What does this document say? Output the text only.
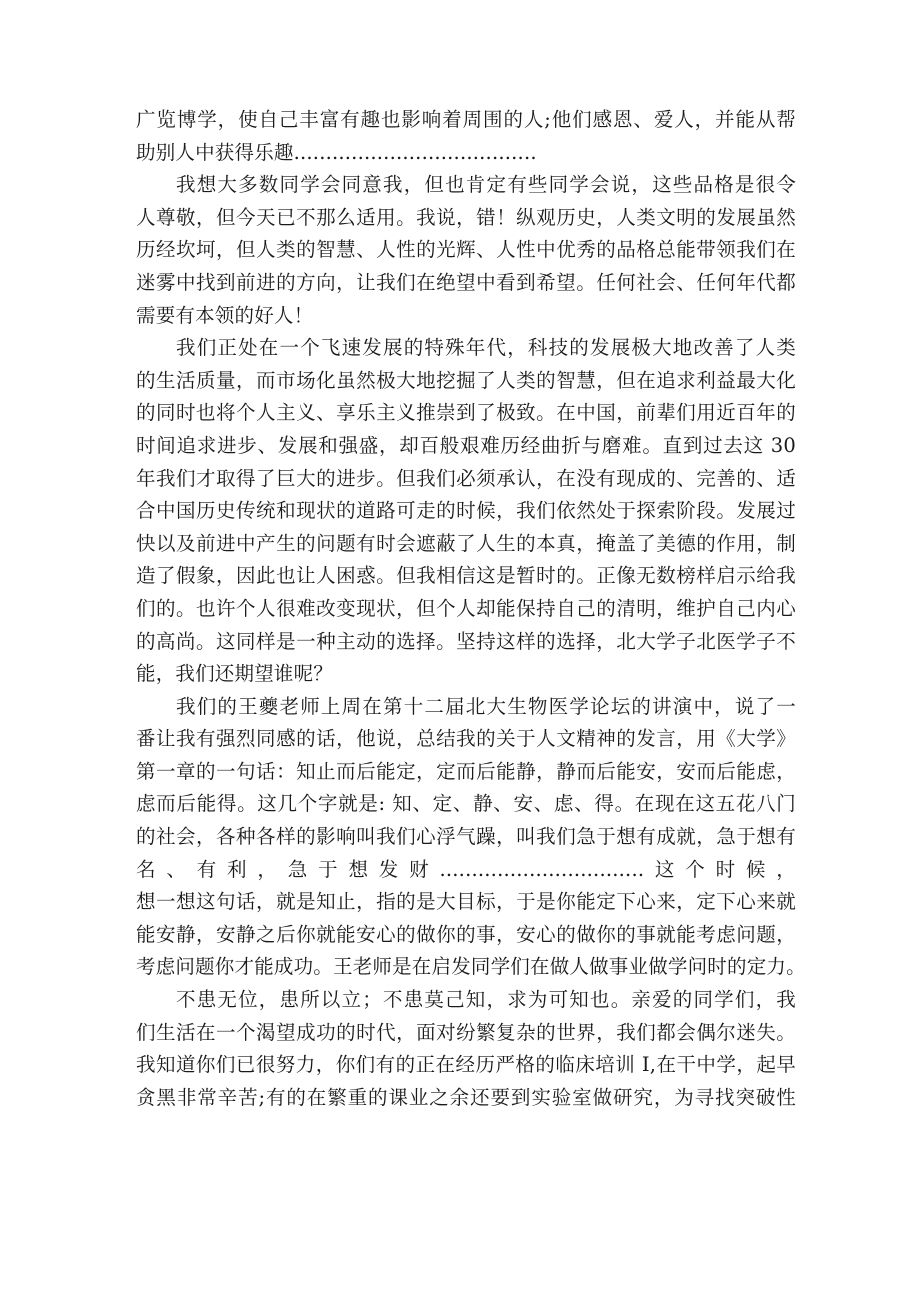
广览博学，使自己丰富有趣也影响着周围的人;他们感恩、爱人，并能从帮
助别人中获得乐趣......................................
我想大多数同学会同意我，但也肯定有些同学会说，这些品格是很令
人尊敬，但今天已不那么适用。我说，错！纵观历史，人类文明的发展虽然
历经坎坷，但人类的智慧、人性的光辉、人性中优秀的品格总能带领我们在
迷雾中找到前进的方向，让我们在绝望中看到希望。任何社会、任何年代都
需要有本领的好人！
我们正处在一个飞速发展的特殊年代，科技的发展极大地改善了人类
的生活质量，而市场化虽然极大地挖掘了人类的智慧，但在追求利益最大化
的同时也将个人主义、享乐主义推崇到了极致。在中国，前辈们用近百年的
时间追求进步、发展和强盛，却百般艰难历经曲折与磨难。直到过去这 30
年我们才取得了巨大的进步。但我们必须承认，在没有现成的、完善的、适
合中国历史传统和现状的道路可走的时候，我们依然处于探索阶段。发展过
快以及前进中产生的问题有时会遮蔽了人生的本真，掩盖了美德的作用，制
造了假象，因此也让人困惑。但我相信这是暂时的。正像无数榜样启示给我
们的。也许个人很难改变现状，但个人却能保持自己的清明，维护自己内心
的高尚。这同样是一种主动的选择。坚持这样的选择，北大学子北医学子不
能，我们还期望谁呢？
我们的王夔老师上周在第十二届北大生物医学论坛的讲演中，说了一
番让我有强烈同感的话，他说，总结我的关于人文精神的发言，用《大学》
第一章的一句话：知止而后能定，定而后能静，静而后能安，安而后能虑，
虑而后能得。这几个字就是: 知、定、静、安、虑、得。在现在这五花八门
的社会，各种各样的影响叫我们心浮气躁，叫我们急于想有成就，急于想有
名、有利，急于想发财................................这个时候，
想一想这句话，就是知止，指的是大目标，于是你能定下心来，定下心来就
能安静，安静之后你就能安心的做你的事，安心的做你的事就能考虑问题，
考虑问题你才能成功。王老师是在启发同学们在做人做事业做学问时的定力。
不患无位，患所以立；不患莫己知，求为可知也。亲爱的同学们，我
们生活在一个渴望成功的时代，面对纷繁复杂的世界，我们都会偶尔迷失。
我知道你们已很努力，你们有的正在经历严格的临床培训 I,在干中学，起早
贪黑非常辛苦;有的在繁重的课业之余还要到实验室做研究，为寻找突破性
